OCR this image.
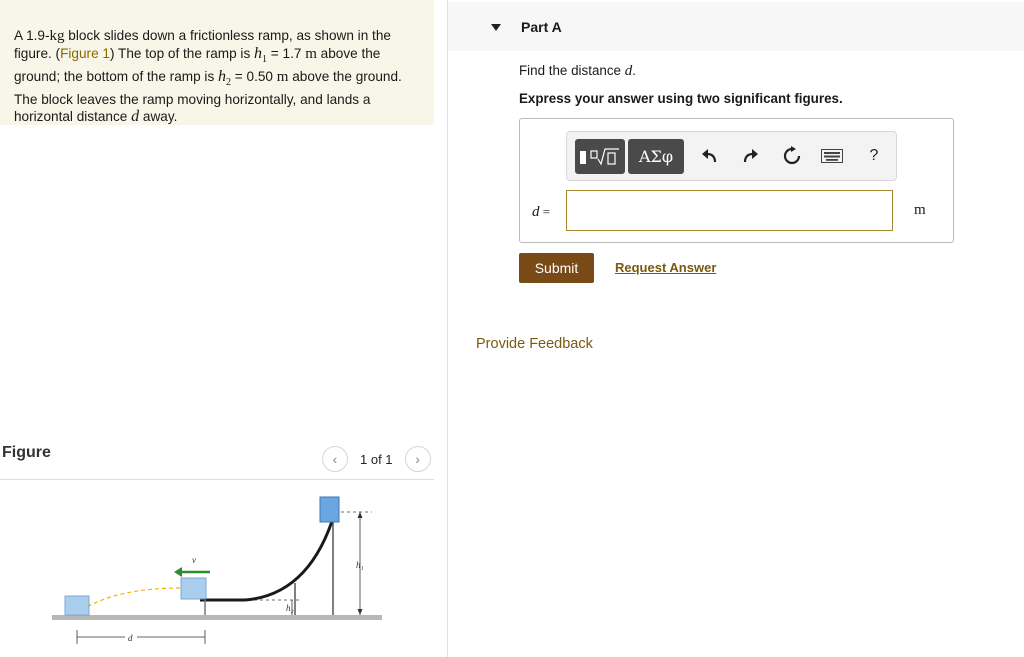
A 1.9-kg block slides down a frictionless ramp, as shown in the figure. (Figure 1) The top of the ramp is $h_1 = 1.7$ m above the ground; the bottom of the ramp is $h_2 = 0.50$ m above the ground. The block leaves the ramp moving horizontally, and lands a horizontal distance d away.
Figure	‹	1 of 1	›
h₁
h₂
v⃗
d
Part A
Find the distance d.
Express your answer using two significant figures.
ΑΣφ	?
d =	m
Submit	Request Answer
Provide Feedback
